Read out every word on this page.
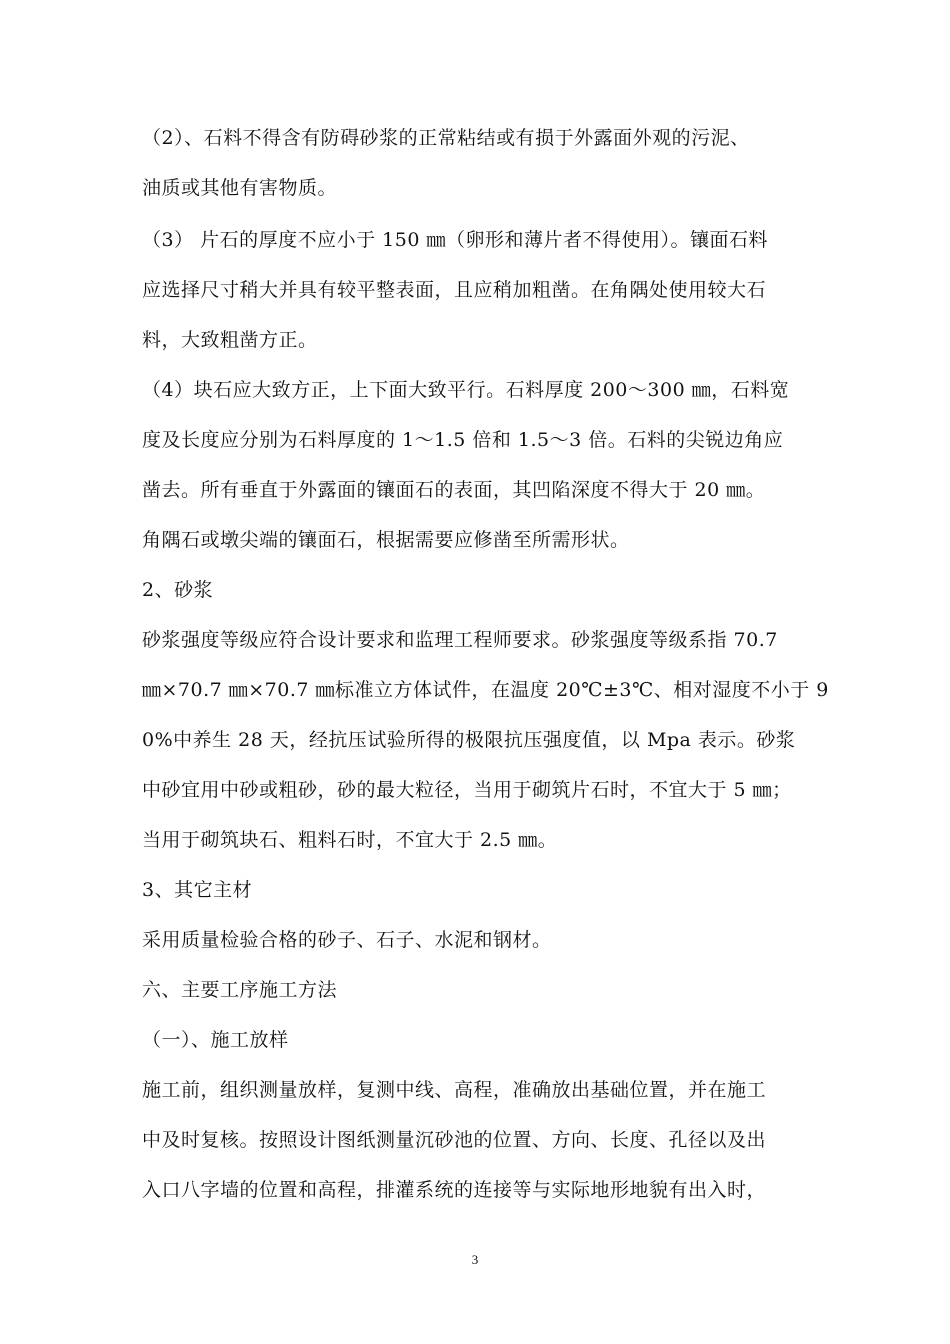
（2）、石料不得含有防碍砂浆的正常粘结或有损于外露面外观的污泥、
油质或其他有害物质。
（3） 片石的厚度不应小于 150 ㎜（卵形和薄片者不得使用）。镶面石料
应选择尺寸稍大并具有较平整表面，且应稍加粗凿。在角隅处使用较大石
料，大致粗凿方正。
（4）块石应大致方正，上下面大致平行。石料厚度 200～300 ㎜，石料宽
度及长度应分别为石料厚度的 1～1.5 倍和 1.5～3 倍。石料的尖锐边角应
凿去。所有垂直于外露面的镶面石的表面，其凹陷深度不得大于 20 ㎜。
角隅石或墩尖端的镶面石，根据需要应修凿至所需形状。
2、砂浆
砂浆强度等级应符合设计要求和监理工程师要求。砂浆强度等级系指 70.7
㎜×70.7 ㎜×70.7 ㎜标准立方体试件，在温度 20℃±3℃、相对湿度不小于 9
0%中养生 28 天，经抗压试验所得的极限抗压强度值，以 Mpa 表示。砂浆
中砂宜用中砂或粗砂，砂的最大粒径，当用于砌筑片石时，不宜大于 5 ㎜；
当用于砌筑块石、粗料石时，不宜大于 2.5 ㎜。
3、其它主材
采用质量检验合格的砂子、石子、水泥和钢材。
六、主要工序施工方法
（一）、施工放样
施工前，组织测量放样，复测中线、高程，准确放出基础位置，并在施工
中及时复核。按照设计图纸测量沉砂池的位置、方向、长度、孔径以及出
入口八字墙的位置和高程，排灌系统的连接等与实际地形地貌有出入时，
3
